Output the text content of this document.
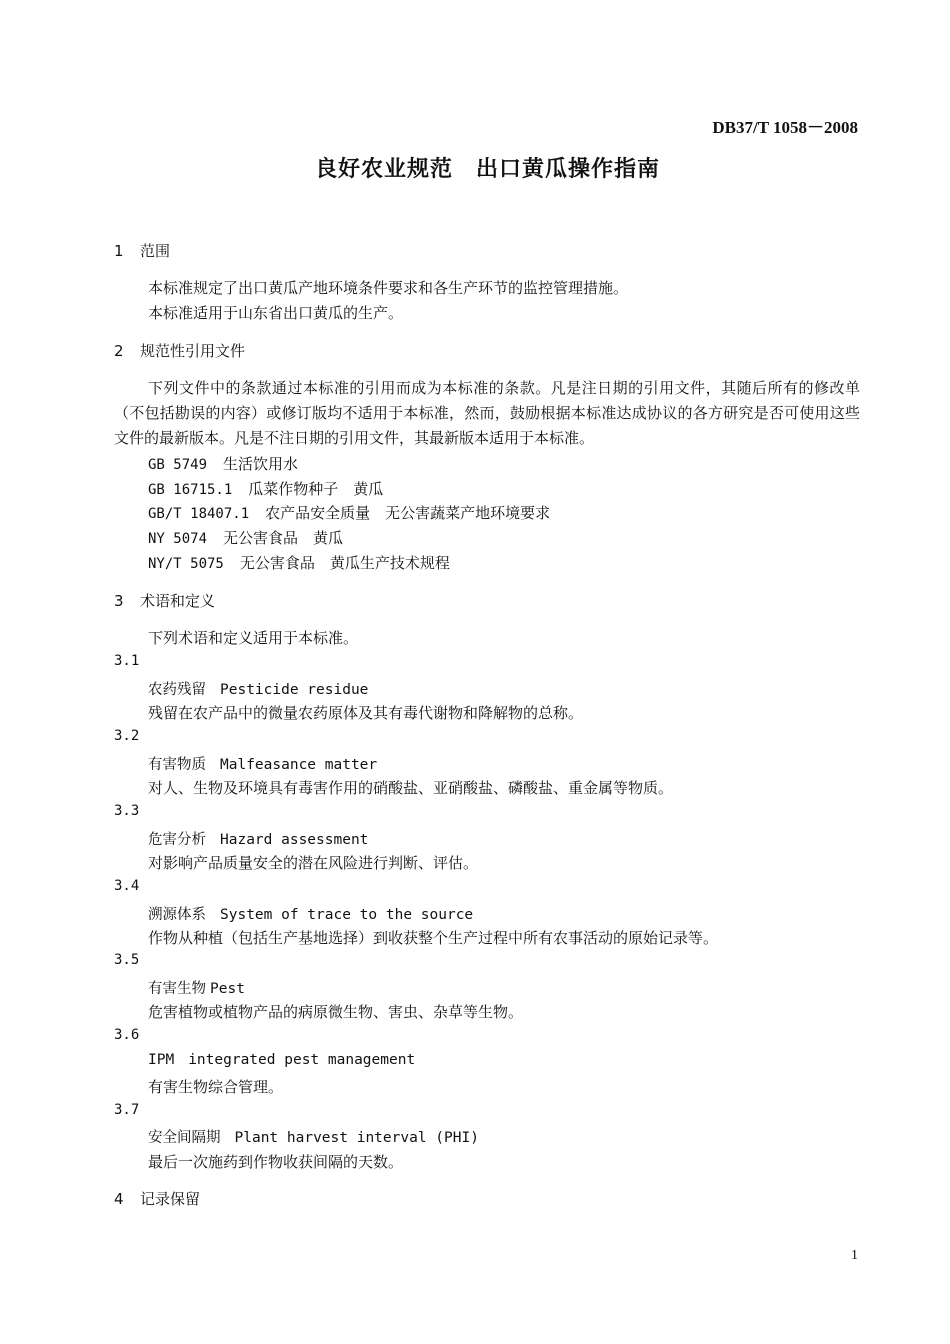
DB37/T 1058－2008
良好农业规范　出口黄瓜操作指南
1 范围
本标准规定了出口黄瓜产地环境条件要求和各生产环节的监控管理措施。
本标准适用于山东省出口黄瓜的生产。
2 规范性引用文件
下列文件中的条款通过本标准的引用而成为本标准的条款。凡是注日期的引用文件，其随后所有的修改单（不包括勘误的内容）或修订版均不适用于本标准，然而，鼓励根据本标准达成协议的各方研究是否可使用这些文件的最新版本。凡是不注日期的引用文件，其最新版本适用于本标准。
GB 5749 生活饮用水
GB 16715.1 瓜菜作物种子　黄瓜
GB/T 18407.1 农产品安全质量　无公害蔬菜产地环境要求
NY 5074 无公害食品　黄瓜
NY/T 5075 无公害食品　黄瓜生产技术规程
3 术语和定义
下列术语和定义适用于本标准。
3.1
农药残留 Pesticide residue
残留在农产品中的微量农药原体及其有毒代谢物和降解物的总称。
3.2
有害物质 Malfeasance matter
对人、生物及环境具有毒害作用的硝酸盐、亚硝酸盐、磷酸盐、重金属等物质。
3.3
危害分析 Hazard assessment
对影响产品质量安全的潜在风险进行判断、评估。
3.4
溯源体系 System of trace to the source
作物从种植（包括生产基地选择）到收获整个生产过程中所有农事活动的原始记录等。
3.5
有害生物 Pest
危害植物或植物产品的病原微生物、害虫、杂草等生物。
3.6
IPM integrated pest management
有害生物综合管理。
3.7
安全间隔期 Plant harvest interval (PHI)
最后一次施药到作物收获间隔的天数。
4 记录保留
1
